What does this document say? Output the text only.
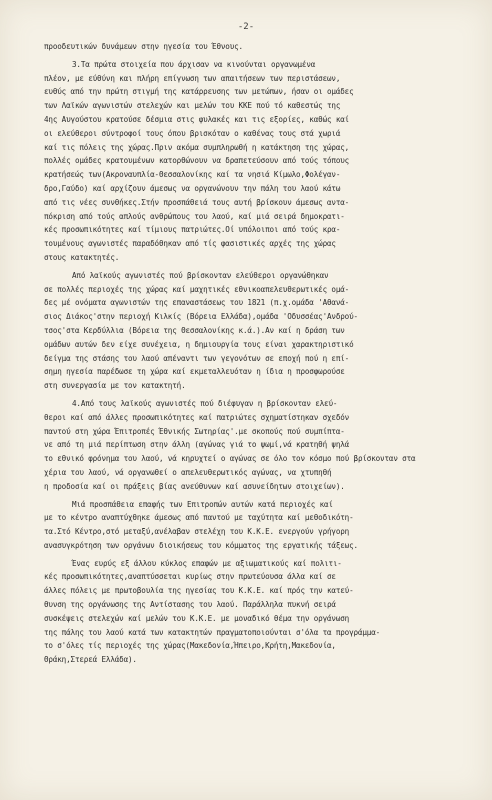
-2-
προοδευτικών δυνάμεων στην ηγεσία του Έθνους.
3.Τα πρώτα στοιχεία που άρχισαν να κινούνται οργανωμένα
πλέον, με εύθύνη και πλήρη επίγνωση των απαιτήσεων των περιστάσεων,
ευθύς από την πρώτη στιγμή της κατάρρευσης των μετώπων, ήσαν οι ομάδες
των Λαϊκών αγωνιστών στελεχών και μελών του ΚΚΕ πού τό καθεστώς της
4ης Αυγούστου κρατούσε δέσμια στις φυλακές και τις εξορίες, καθώς καί
οι ελεύθεροι σύντροφοί τους όπου βρισκόταν ο καθένας τους στά χωριά
καί τις πόλεις της χώρας.Πριν ακόμα συμπληρωθή η κατάκτηση της χώρας,
πολλές ομάδες κρατουμένων κατορθώνουν να δραπετεύσουν από τούς τόπους
κρατήσεώς των(Ακροναυπλία-Θεσσαλονίκης καί τα νησιά Κίμωλο,Φολέγαν-
δρο,Γαύδο) καί αρχίζουν άμεσως να οργανώνουν την πάλη του λαού κάτω
από τις νέες συνθήκες.Στήν προσπάθειά τους αυτή βρίσκουν άμεσως αντα-
πόκριση από τούς απλούς ανθρώπους του λαού, καί μιά σειρά δημοκρατι-
κές προσωπικότητες καί τίμιους πατριώτες.Οί υπόλοιποι από τούς κρα-
τουμένους αγωνιστές παραδόθηκαν από τίς φασιστικές αρχές της χώρας
στους κατακτητές.
Από λαϊκούς αγωνιστές πού βρίσκονταν ελεύθεροι οργανώθηκαν
σε πολλές περιοχές της χώρας καί μαχητικές εθνικοαπελευθερωτικές ομά-
δες μέ ονόματα αγωνιστών της επαναστάσεως του 1821 (π.χ.ομάδα 'Αθανά-
σιος Διάκος'στην περιοχή Κιλκίς (Βόρεια Ελλάδα),ομάδα 'Οδυσσέας'Ανδρού-
τσος'στα Κερδύλλια (Βόρεια της Θεσσαλονίκης κ.ά.).Αν καί η δράση των
ομάδων αυτών δεν είχε συνέχεια, η δημιουργία τους είναι χαρακτηριστικό
δείγμα της στάσης του λαού απέναντι των γεγονότων σε εποχή πού η επί-
σημη ηγεσία παρέδωσε τη χώρα καί εκμεταλλευόταν η ίδια η προσφωρούσε
στη συνεργασία με τον κατακτητή.
4.Από τους λαϊκούς αγωνιστές πού διέφυγαν η βρίσκονταν ελεύ-
θεροι καί από άλλες προσωπικότητες καί πατριώτες σχηματίστηκαν σχεδόν
παντού στη χώρα Έπιτροπές Έθνικής Σωτηρίας'.με σκοπούς πού συμπίπτα-
νε από τη μιά περίπτωση στην άλλη (αγώνας γιά το ψωμί,νά κρατηθή ψηλά
το εθνικό φρόνημα του λαού, νά κηρυχτεί ο αγώνας σε όλο τον κόσμο πού βρίσκονταν στα
χέρια του λαού, νά οργανωθεί ο απελευθερωτικός αγώνας, να χτυπηθή
η προδοσία καί οι πράξεις βίας ανεύθυνων καί ασυνείδητων στοιχείων).
Μιά προσπάθεια επαφής των Επιτροπών αυτών κατά περιοχές καί
με το κέντρο αναπτύχθηκε άμεσως από παντού με ταχύτητα καί μεθοδικότη-
τα.Στό Κέντρο,στό μεταξύ,ανέλαβαν στελέχη του Κ.Κ.Ε. ενεργούν γρήγορη
ανασυγκρότηση των οργάνων διοικήσεως του κόμματος της εργατικής τάξεως.
Ένας ευρύς εξ άλλου κύκλος επαφών με αξιωματικούς καί πολιτι-
κές προσωπικότητες,αναπτύσσεται κυρίως στην πρωτεύουσα άλλα καί σε
άλλες πόλεις με πρωτοβουλία της ηγεσίας του Κ.Κ.Ε. καί πρός την κατεύ-
θυνση της οργάνωσης της Αντίστασης του λαού. Παράλληλα πυκνή σειρά
συσκέψεις στελεχών καί μελών του Κ.Κ.Ε. με μοναδικό θέμα την οργάνωση
της πάλης του λαού κατά των κατακτητών πραγματοποιούνται σ'όλα τα προγράμμα-
το σ'όλες τίς περιοχές της χώρας(Μακεδονία,Ήπειρο,Κρήτη,Μακεδονία,
Θράκη,Στερεά Ελλάδα).
